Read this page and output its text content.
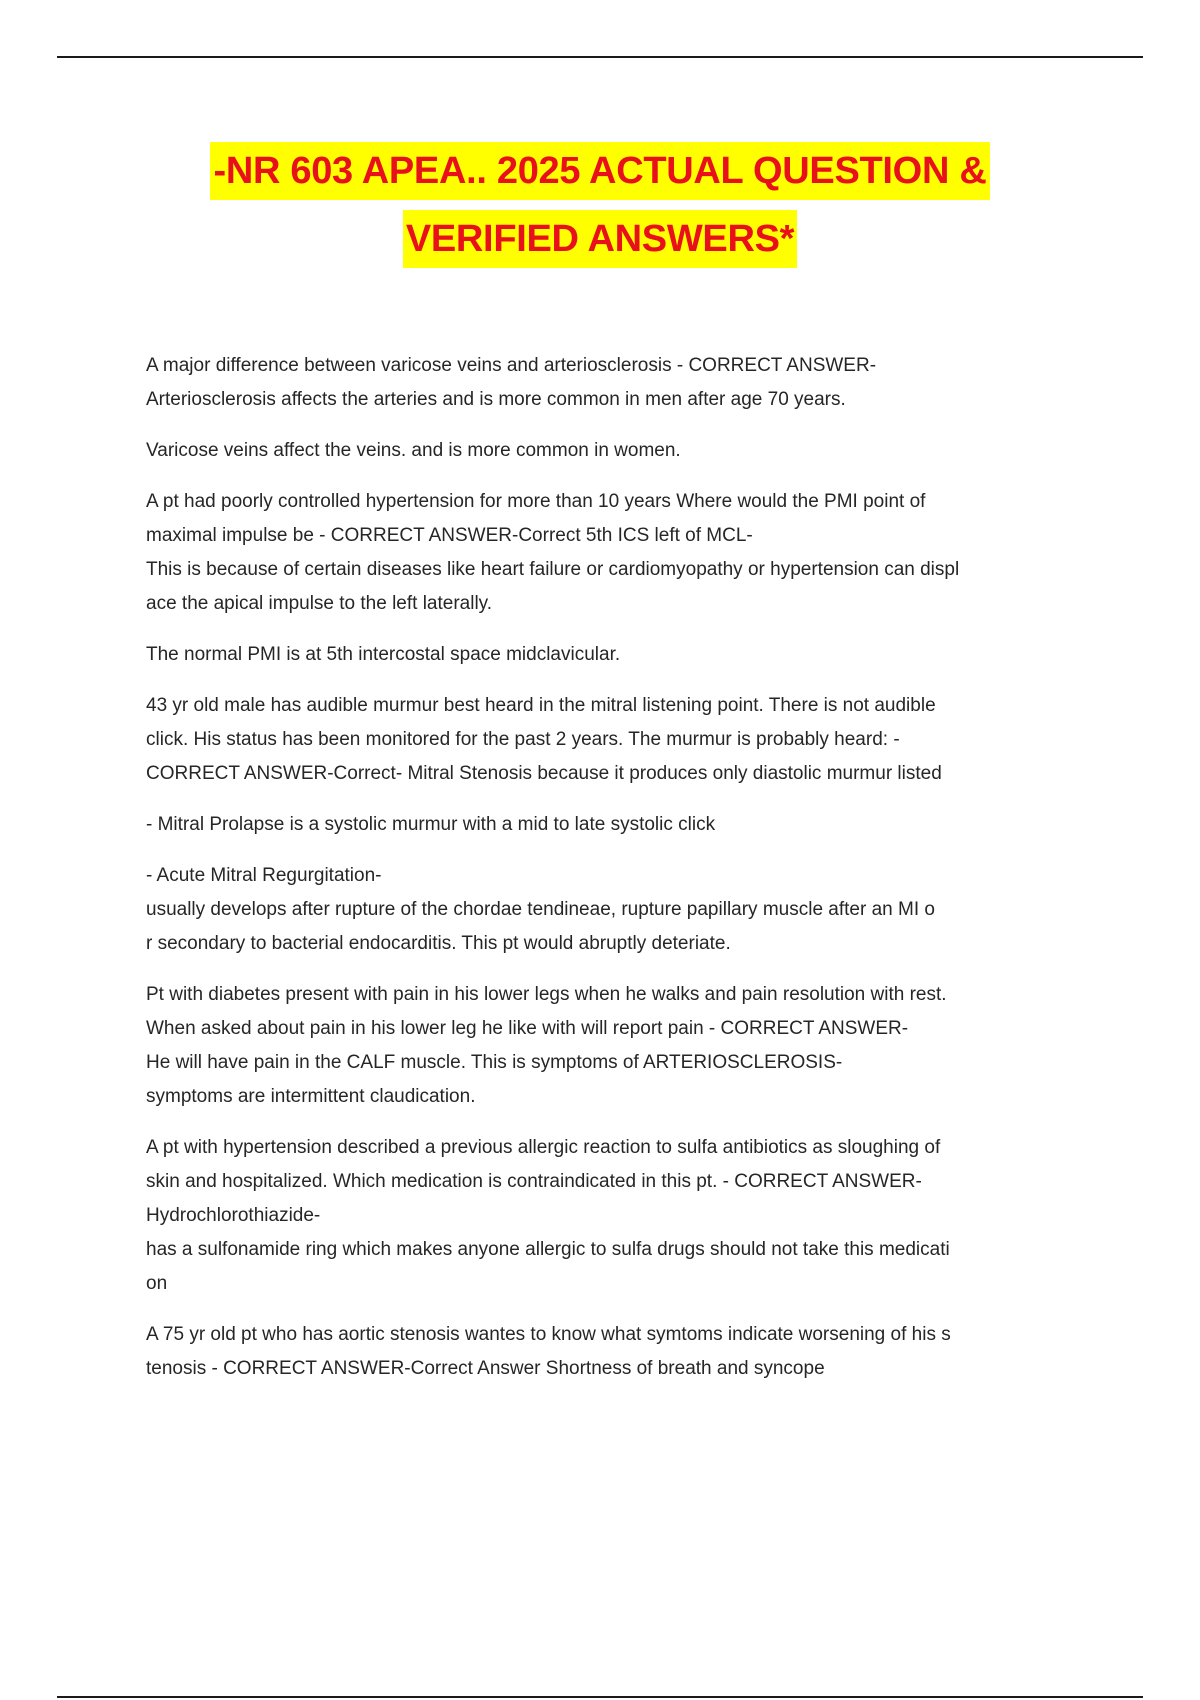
-NR 603 APEA.. 2025 ACTUAL QUESTION &
VERIFIED ANSWERS*

A major difference between varicose veins and arteriosclerosis - CORRECT ANSWER-
Arteriosclerosis affects the arteries and is more common in men after age 70 years.

Varicose veins affect the veins. and is more common in women.

A pt had poorly controlled hypertension for more than 10 years Where would the PMI point of
maximal impulse be - CORRECT ANSWER-Correct 5th ICS left of MCL-
This is because of certain diseases like heart failure or cardiomyopathy or hypertension can displ
ace the apical impulse to the left laterally.

The normal PMI is at 5th intercostal space midclavicular.

43 yr old male has audible murmur best heard in the mitral listening point. There is not audible
click. His status has been monitored for the past 2 years. The murmur is probably heard: -
CORRECT ANSWER-Correct- Mitral Stenosis because it produces only diastolic murmur listed

- Mitral Prolapse is a systolic murmur with a mid to late systolic click

- Acute Mitral Regurgitation-
usually develops after rupture of the chordae tendineae, rupture papillary muscle after an MI o
r secondary to bacterial endocarditis. This pt would abruptly deteriate.

Pt with diabetes present with pain in his lower legs when he walks and pain resolution with rest.
When asked about pain in his lower leg he like with will report pain - CORRECT ANSWER-
He will have pain in the CALF muscle. This is symptoms of ARTERIOSCLEROSIS-
symptoms are intermittent claudication.

A pt with hypertension described a previous allergic reaction to sulfa antibiotics as sloughing of
skin and hospitalized. Which medication is contraindicated in this pt. - CORRECT ANSWER-
Hydrochlorothiazide-
has a sulfonamide ring which makes anyone allergic to sulfa drugs should not take this medicati
on

A 75 yr old pt who has aortic stenosis wantes to know what symtoms indicate worsening of his s
tenosis - CORRECT ANSWER-Correct Answer Shortness of breath and syncope
